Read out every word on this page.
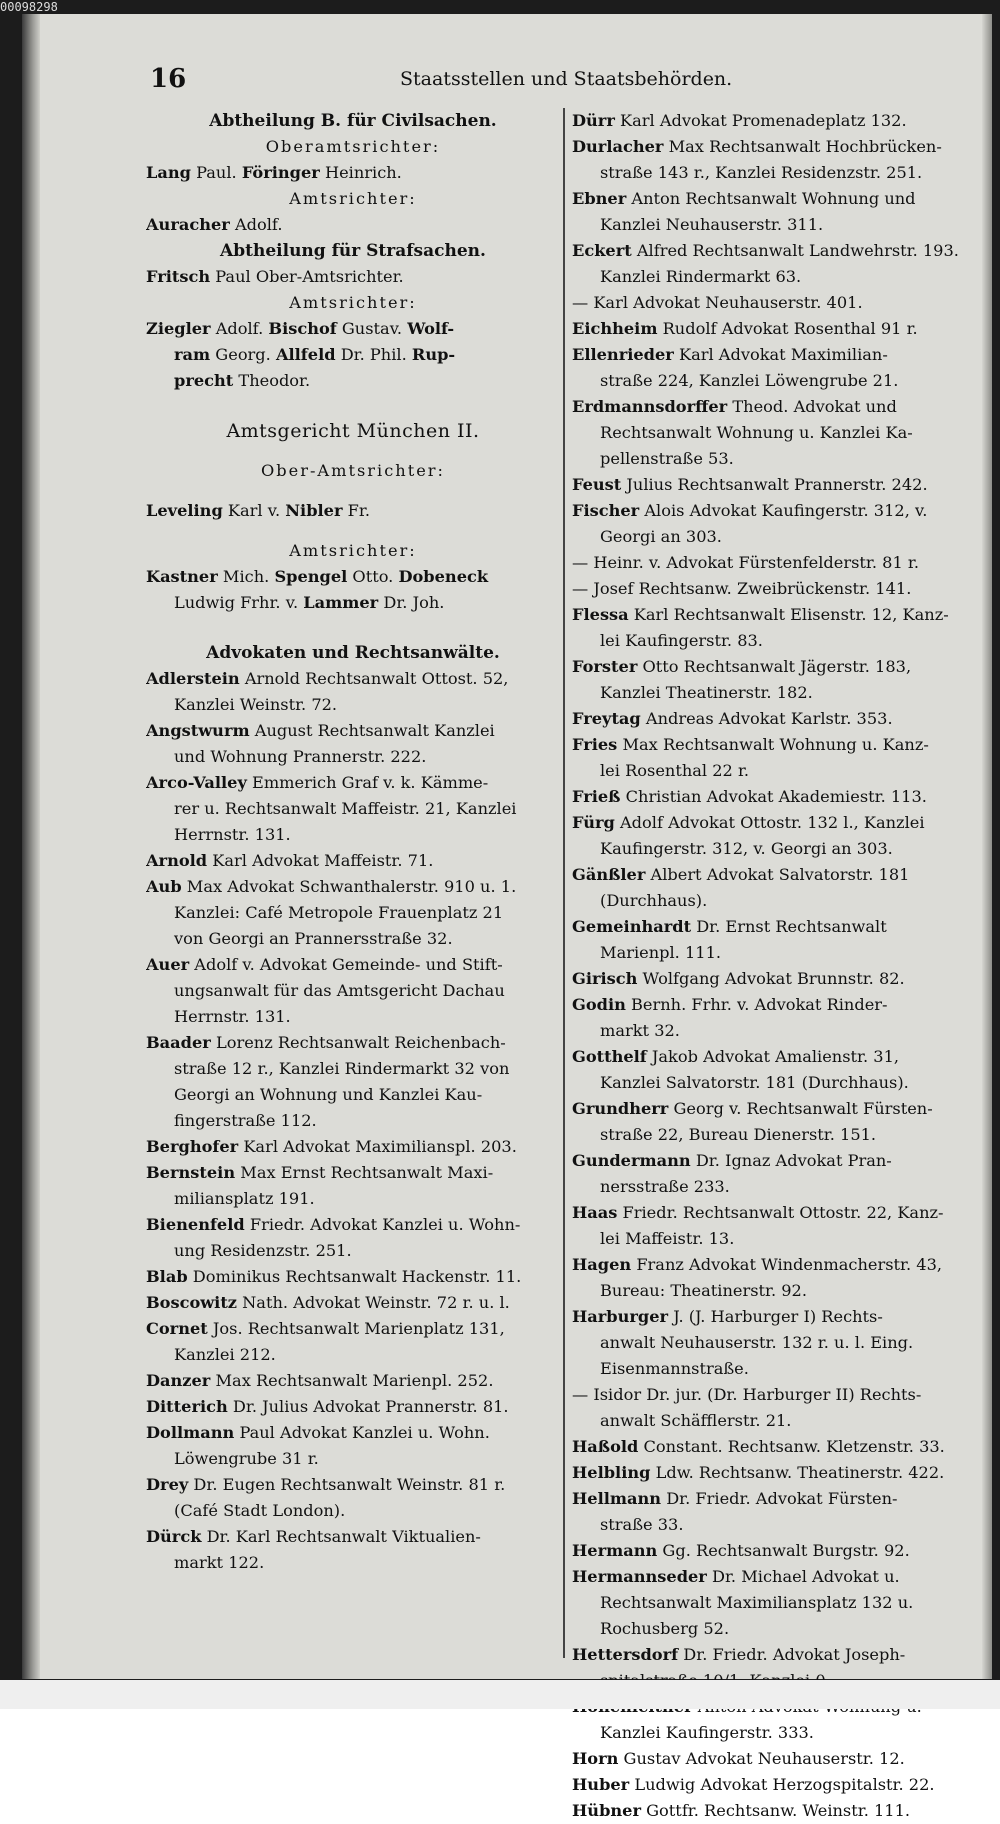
00098298
16	Staatsstellen und Staatsbehörden.
Abtheilung B. für Civilsachen.
Oberamtsrichter:
Lang Paul. Föringer Heinrich.
Amtsrichter:
Auracher Adolf.
Abtheilung für Strafsachen.
Fritsch Paul Ober-Amtsrichter.
Amtsrichter:
Ziegler Adolf. Bischof Gustav. Wolf-
ram Georg. Allfeld Dr. Phil. Rup-
precht Theodor.
Amtsgericht München II.
Ober-Amtsrichter:
Leveling Karl v. Nibler Fr.
Amtsrichter:
Kastner Mich. Spengel Otto. Dobeneck
Ludwig Frhr. v. Lammer Dr. Joh.
Advokaten und Rechtsanwälte.
Adlerstein Arnold Rechtsanwalt Ottost. 52,
Kanzlei Weinstr. 72.
Angstwurm August Rechtsanwalt Kanzlei
und Wohnung Prannerstr. 222.
Arco-Valley Emmerich Graf v. k. Kämme-
rer u. Rechtsanwalt Maffeistr. 21, Kanzlei
Herrnstr. 131.
Arnold Karl Advokat Maffeistr. 71.
Aub Max Advokat Schwanthalerstr. 910 u. 1.
Kanzlei: Café Metropole Frauenplatz 21
von Georgi an Prannersstraße 32.
Auer Adolf v. Advokat Gemeinde- und Stift-
ungsanwalt für das Amtsgericht Dachau
Herrnstr. 131.
Baader Lorenz Rechtsanwalt Reichenbach-
straße 12 r., Kanzlei Rindermarkt 32 von
Georgi an Wohnung und Kanzlei Kau-
fingerstraße 112.
Berghofer Karl Advokat Maximilianspl. 203.
Bernstein Max Ernst Rechtsanwalt Maxi-
miliansplatz 191.
Bienenfeld Friedr. Advokat Kanzlei u. Wohn-
ung Residenzstr. 251.
Blab Dominikus Rechtsanwalt Hackenstr. 11.
Boscowitz Nath. Advokat Weinstr. 72 r. u. l.
Cornet Jos. Rechtsanwalt Marienplatz 131,
Kanzlei 212.
Danzer Max Rechtsanwalt Marienpl. 252.
Ditterich Dr. Julius Advokat Prannerstr. 81.
Dollmann Paul Advokat Kanzlei u. Wohn.
Löwengrube 31 r.
Drey Dr. Eugen Rechtsanwalt Weinstr. 81 r.
(Café Stadt London).
Dürck Dr. Karl Rechtsanwalt Viktualien-
markt 122.
Dürr Karl Advokat Promenadeplatz 132.
Durlacher Max Rechtsanwalt Hochbrücken-
straße 143 r., Kanzlei Residenzstr. 251.
Ebner Anton Rechtsanwalt Wohnung und
Kanzlei Neuhauserstr. 311.
Eckert Alfred Rechtsanwalt Landwehrstr. 193.
Kanzlei Rindermarkt 63.
— Karl Advokat Neuhauserstr. 401.
Eichheim Rudolf Advokat Rosenthal 91 r.
Ellenrieder Karl Advokat Maximilian-
straße 224, Kanzlei Löwengrube 21.
Erdmannsdorffer Theod. Advokat und
Rechtsanwalt Wohnung u. Kanzlei Ka-
pellenstraße 53.
Feust Julius Rechtsanwalt Prannerstr. 242.
Fischer Alois Advokat Kaufingerstr. 312, v.
Georgi an 303.
— Heinr. v. Advokat Fürstenfelderstr. 81 r.
— Josef Rechtsanw. Zweibrückenstr. 141.
Flessa Karl Rechtsanwalt Elisenstr. 12, Kanz-
lei Kaufingerstr. 83.
Forster Otto Rechtsanwalt Jägerstr. 183,
Kanzlei Theatinerstr. 182.
Freytag Andreas Advokat Karlstr. 353.
Fries Max Rechtsanwalt Wohnung u. Kanz-
lei Rosenthal 22 r.
Frieß Christian Advokat Akademiestr. 113.
Fürg Adolf Advokat Ottostr. 132 l., Kanzlei
Kaufingerstr. 312, v. Georgi an 303.
Gänßler Albert Advokat Salvatorstr. 181
(Durchhaus).
Gemeinhardt Dr. Ernst Rechtsanwalt
Marienpl. 111.
Girisch Wolfgang Advokat Brunnstr. 82.
Godin Bernh. Frhr. v. Advokat Rinder-
markt 32.
Gotthelf Jakob Advokat Amalienstr. 31,
Kanzlei Salvatorstr. 181 (Durchhaus).
Grundherr Georg v. Rechtsanwalt Fürsten-
straße 22, Bureau Dienerstr. 151.
Gundermann Dr. Ignaz Advokat Pran-
nersstraße 233.
Haas Friedr. Rechtsanwalt Ottostr. 22, Kanz-
lei Maffeistr. 13.
Hagen Franz Advokat Windenmacherstr. 43,
Bureau: Theatinerstr. 92.
Harburger J. (J. Harburger I) Rechts-
anwalt Neuhauserstr. 132 r. u. l. Eing.
Eisenmannstraße.
— Isidor Dr. jur. (Dr. Harburger II) Rechts-
anwalt Schäfflerstr. 21.
Haßold Constant. Rechtsanw. Kletzenstr. 33.
Helbling Ldw. Rechtsanw. Theatinerstr. 422.
Hellmann Dr. Friedr. Advokat Fürsten-
straße 33.
Hermann Gg. Rechtsanwalt Burgstr. 92.
Hermannseder Dr. Michael Advokat u.
Rechtsanwalt Maximiliansplatz 132 u.
Rochusberg 52.
Hettersdorf Dr. Friedr. Advokat Joseph-
Kanzlei Kaufingerstr. 333.
Horn Gustav Advokat Neuhauserstr. 12.
Huber Ludwig Advokat Herzogspitalstr. 22.
Hübner Gottfr. Rechtsanw. Weinstr. 111.
